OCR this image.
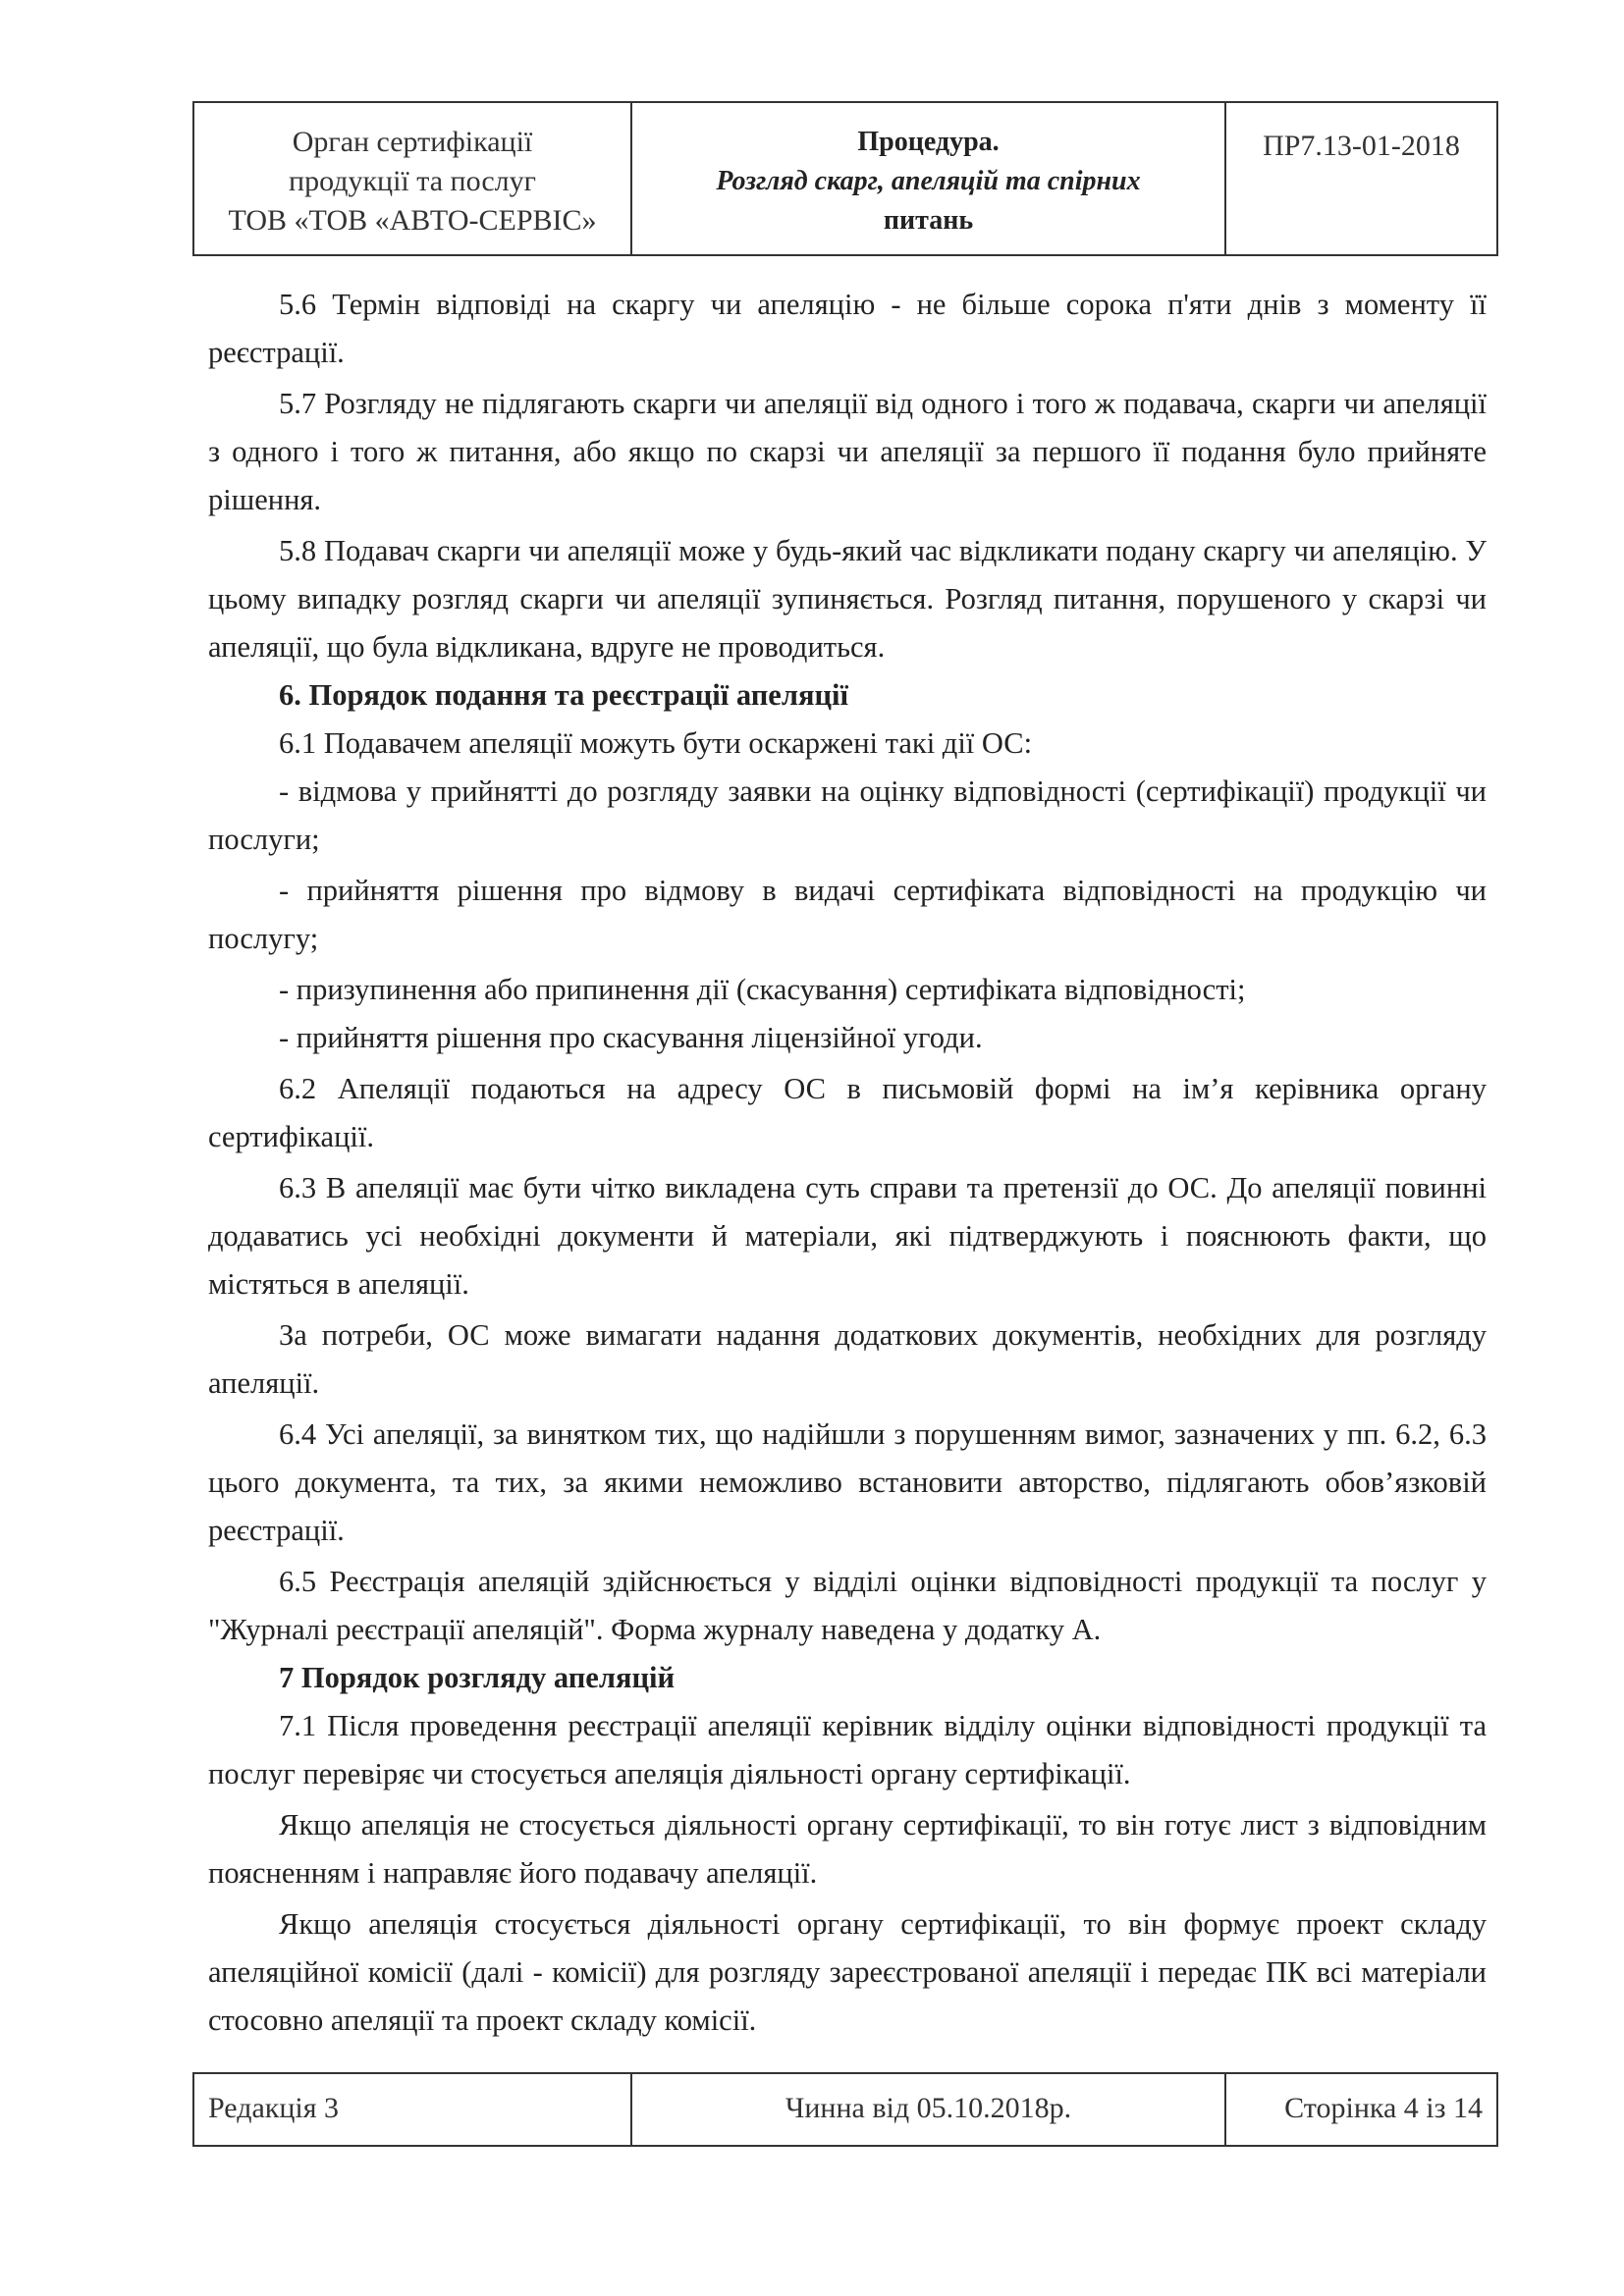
Орган сертифікації
продукції та послуг
ТОВ «ТОВ «АВТО-СЕРВІС»
Процедура.
Розгляд скарг, апеляцій та спірних
питань
ПР7.13-01-2018

5.6 Термін відповіді на скаргу чи апеляцію - не більше сорока п'яти днів з моменту її реєстрації.

5.7 Розгляду не підлягають скарги чи апеляції від одного і того ж подавача, скарги чи апеляції з одного і того ж питання, або якщо по скарзі чи апеляції за першого її подання було прийняте рішення.

5.8 Подавач скарги чи апеляції може у будь-який час відкликати подану скаргу чи апеляцію. У цьому випадку розгляд скарги чи апеляції зупиняється. Розгляд питання, порушеного у скарзі чи апеляції, що була відкликана, вдруге не проводиться.

6. Порядок подання та реєстрації апеляції

6.1 Подавачем апеляції можуть бути оскаржені такі дії ОС:

- відмова у прийнятті до розгляду заявки на оцінку відповідності (сертифікації) продукції чи послуги;

- прийняття рішення про відмову в видачі сертифіката відповідності на продукцію чи послугу;

- призупинення або припинення дії (скасування) сертифіката відповідності;

- прийняття рішення про скасування ліцензійної угоди.

6.2 Апеляції подаються на адресу ОС в письмовій формі на ім’я керівника органу сертифікації.

6.3 В апеляції має бути чітко викладена суть справи та претензії до ОС. До апеляції повинні додаватись усі необхідні документи й матеріали, які підтверджують і пояснюють факти, що містяться в апеляції.

За потреби, ОС може вимагати надання додаткових документів, необхідних для розгляду апеляції.

6.4 Усі апеляції, за винятком тих, що надійшли з порушенням вимог, зазначених у пп. 6.2, 6.3 цього документа, та тих, за якими неможливо встановити авторство, підлягають обов’язковій реєстрації.

6.5 Реєстрація апеляцій здійснюється у відділі оцінки відповідності продукції та послуг у "Журналі реєстрації апеляцій". Форма журналу наведена у додатку А.

7 Порядок розгляду апеляцій

7.1 Після проведення реєстрації апеляції керівник відділу оцінки відповідності продукції та послуг перевіряє чи стосується апеляція діяльності органу сертифікації.

Якщо апеляція не стосується діяльності органу сертифікації, то він готує лист з відповідним поясненням і направляє його подавачу апеляції.

Якщо апеляція стосується діяльності органу сертифікації, то він формує проект складу апеляційної комісії (далі - комісії) для розгляду зареєстрованої апеляції і передає ПК всі матеріали стосовно апеляції та проект складу комісії.

Редакція 3	Чинна від 05.10.2018р.	Сторінка 4 із 14
